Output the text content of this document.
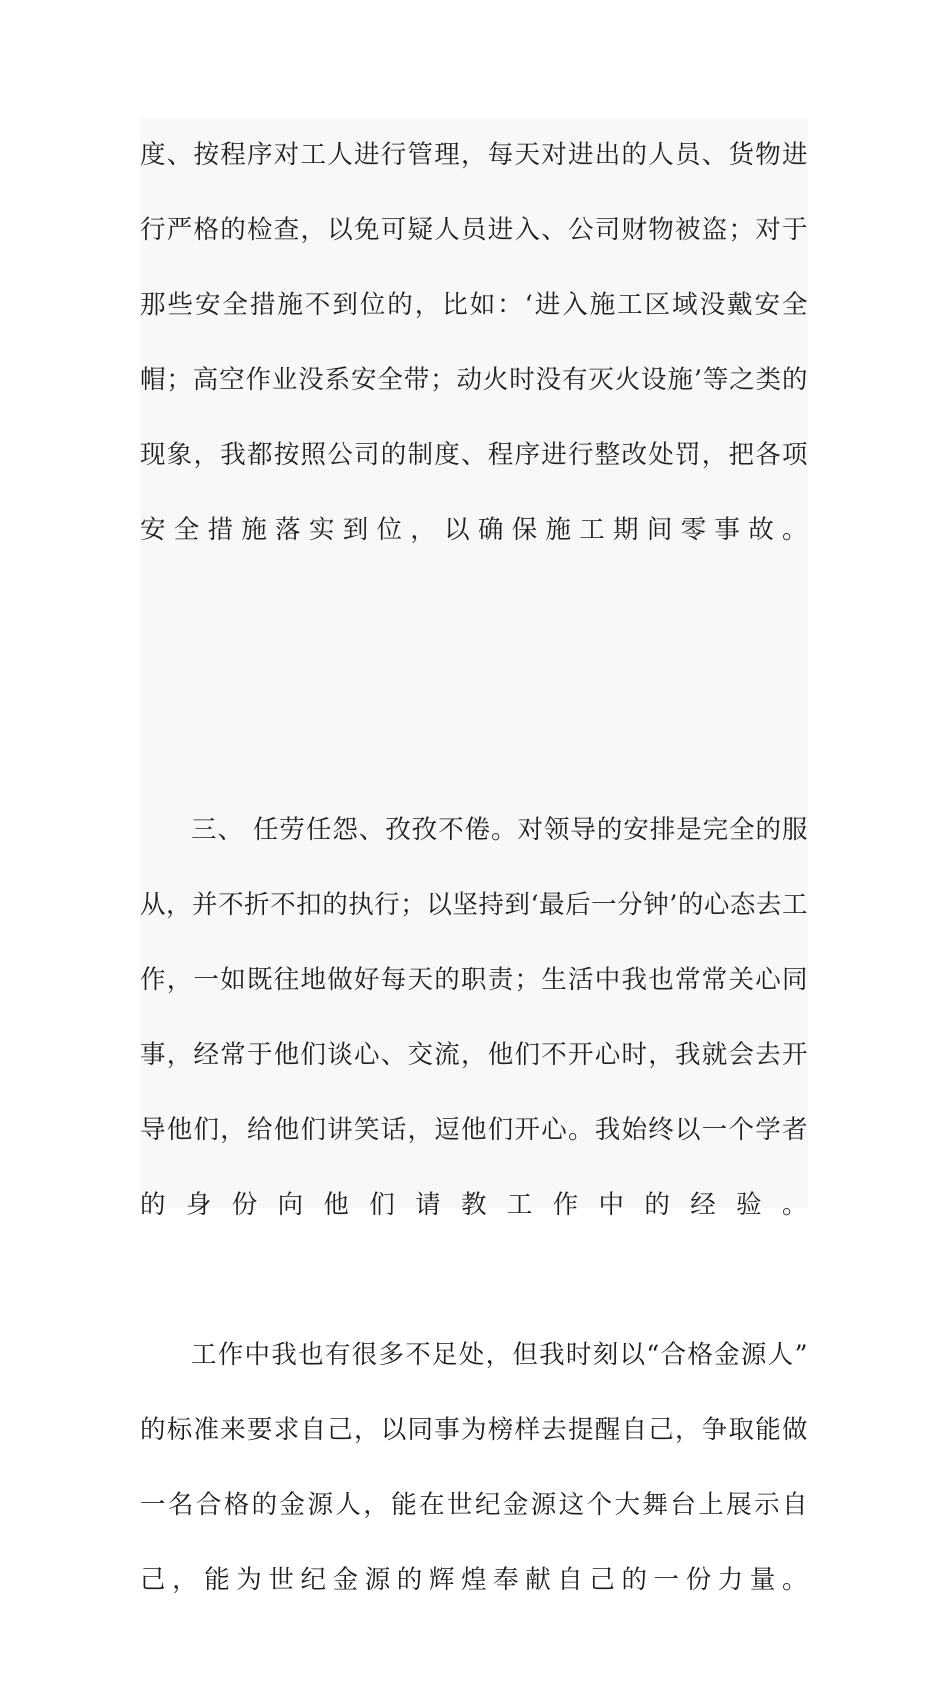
度、按程序对工人进行管理，每天对进出的人员、货物进行严格的检查，以免可疑人员进入、公司财物被盗；对于那些安全措施不到位的，比如：‘进入施工区域没戴安全帽；高空作业没系安全带；动火时没有灭火设施’等之类的现象，我都按照公司的制度、程序进行整改处罚，把各项安全措施落实到位，以确保施工期间零事故。

三、 任劳任怨、孜孜不倦。对领导的安排是完全的服从，并不折不扣的执行；以坚持到‘最后一分钟’的心态去工作，一如既往地做好每天的职责；生活中我也常常关心同事，经常于他们谈心、交流，他们不开心时，我就会去开导他们，给他们讲笑话，逗他们开心。我始终以一个学者的身份向他们请教工作中的经验。

工作中我也有很多不足处，但我时刻以“合格金源人”的标准来要求自己，以同事为榜样去提醒自己，争取能做一名合格的金源人，能在世纪金源这个大舞台上展示自己，能为世纪金源的辉煌奉献自己的一份力量。
